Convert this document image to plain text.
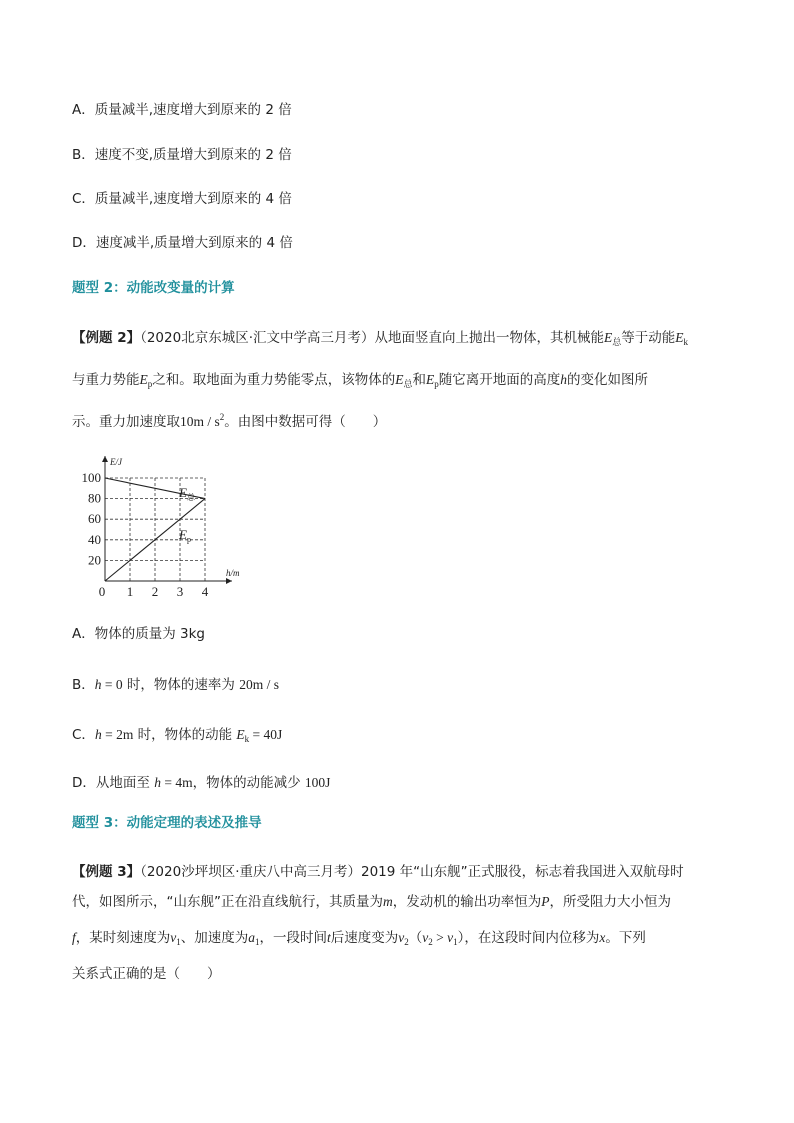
A．质量减半,速度增大到原来的 2 倍
B．速度不变,质量增大到原来的 2 倍
C．质量减半,速度增大到原来的 4 倍
D．速度减半,质量增大到原来的 4 倍
题型 2：动能改变量的计算
【例题 2】（2020北京东城区·汇文中学高三月考）从地面竖直向上抛出一物体，其机械能$E_总$等于动能$E_k$
与重力势能$E_p$之和。取地面为重力势能零点，该物体的$E_总$和$E_p$随它离开地面的高度h的变化如图所
示。重力加速度取$10m / s^2$。由图中数据可得（　　）
20
40
60
80
100
0 1 2 3 4
E/J
h/m
$E_总$
$E_p$
A．物体的质量为 3kg
B．h = 0 时，物体的速率为 20m / s
C．h = 2m 时，物体的动能 $E_k = 40J$
D．从地面至 h = 4m，物体的动能减少 100J
题型 3：动能定理的表述及推导
【例题 3】（2020沙坪坝区·重庆八中高三月考）2019 年“山东舰”正式服役，标志着我国进入双航母时
代，如图所示，“山东舰”正在沿直线航行，其质量为m，发动机的输出功率恒为P，所受阻力大小恒为
f，某时刻速度为$v_1$、加速度为$a_1$，一段时间t后速度变为$v_2(v_2 > v_1)$，在这段时间内位移为x。下列
关系式正确的是（　　）
